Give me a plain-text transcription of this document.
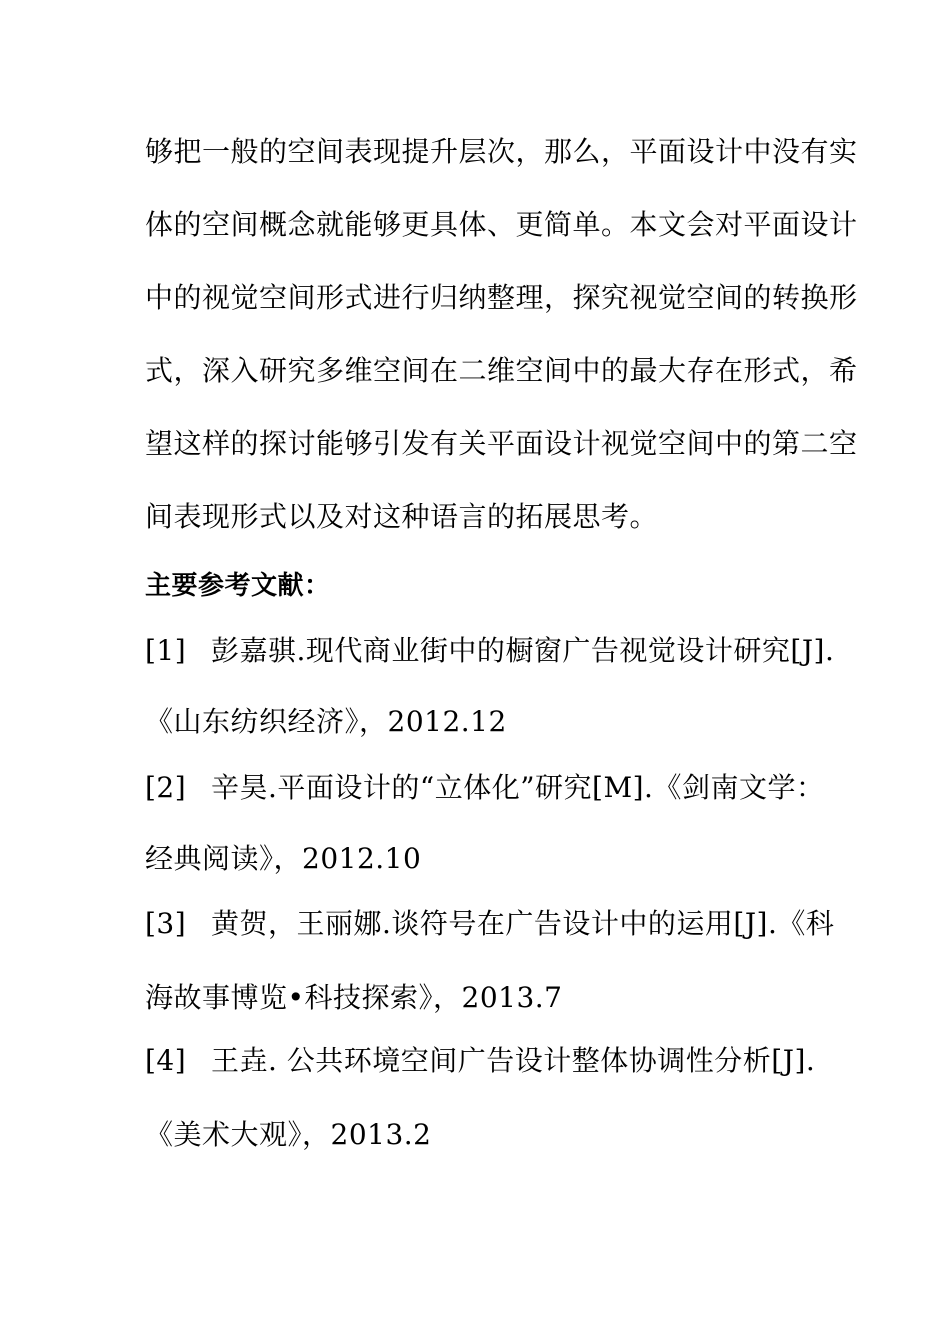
够把一般的空间表现提升层次，那么，平面设计中没有实
体的空间概念就能够更具体、更简单。本文会对平面设计
中的视觉空间形式进行归纳整理，探究视觉空间的转换形
式，深入研究多维空间在二维空间中的最大存在形式，希
望这样的探讨能够引发有关平面设计视觉空间中的第二空
间表现形式以及对这种语言的拓展思考。
主要参考文献：
[1] 彭嘉骐.现代商业街中的橱窗广告视觉设计研究[J].
《山东纺织经济》，2012.12
[2] 辛昊.平面设计的“立体化”研究[M].《剑南文学：
经典阅读》，2012.10
[3] 黄贺，王丽娜.谈符号在广告设计中的运用[J].《科
海故事博览•科技探索》，2013.7
[4] 王垚. 公共环境空间广告设计整体协调性分析[J].
《美术大观》，2013.2
